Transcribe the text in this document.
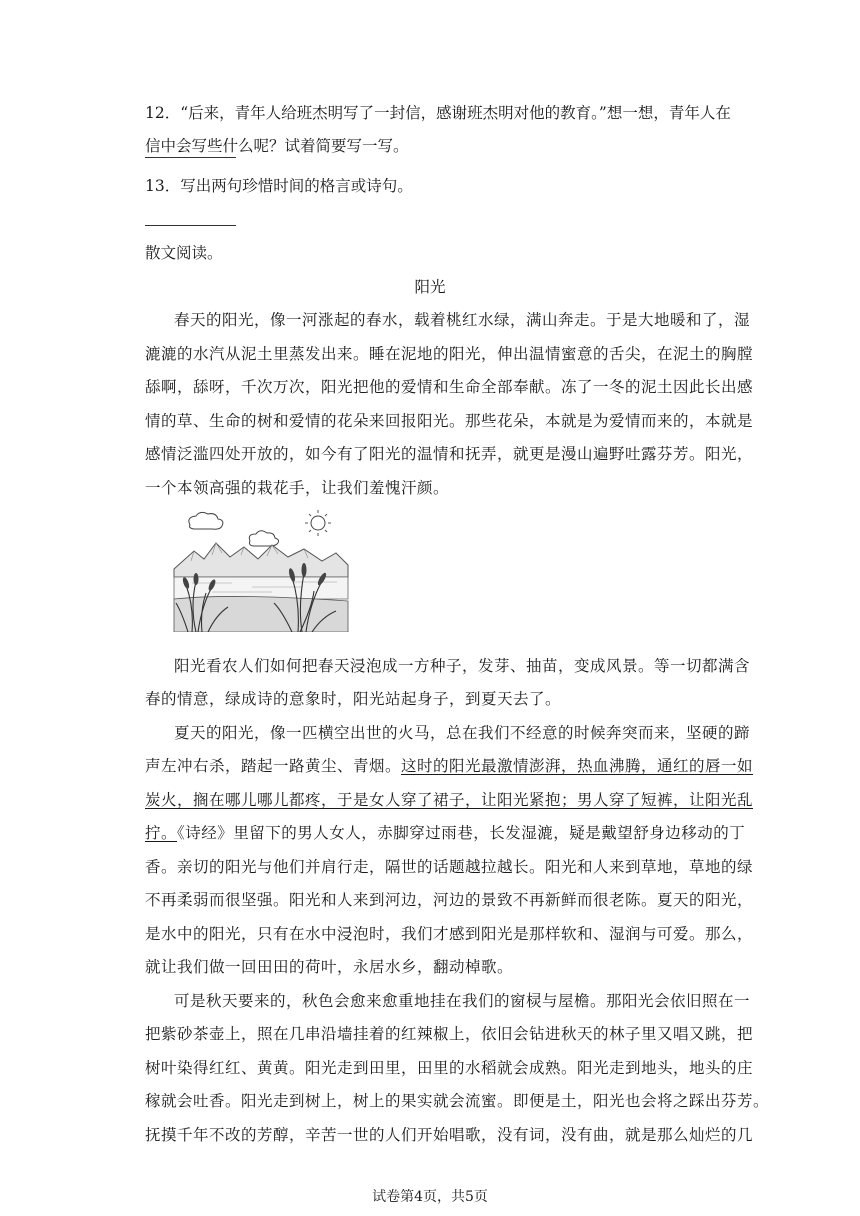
12．“后来，青年人给班杰明写了一封信，感谢班杰明对他的教育。”想一想，青年人在
信中会写些什么呢？试着简要写一写。
13．写出两句珍惜时间的格言或诗句。
散文阅读。
阳光
春天的阳光，像一河涨起的春水，载着桃红水绿，满山奔走。于是大地暖和了，湿
漉漉的水汽从泥土里蒸发出来。睡在泥地的阳光，伸出温情蜜意的舌尖，在泥土的胸膛
舔啊，舔呀，千次万次，阳光把他的爱情和生命全部奉献。冻了一冬的泥土因此长出感
情的草、生命的树和爱情的花朵来回报阳光。那些花朵，本就是为爱情而来的，本就是
感情泛滥四处开放的，如今有了阳光的温情和抚弄，就更是漫山遍野吐露芬芳。阳光，
一个本领高强的栽花手，让我们羞愧汗颜。
阳光看农人们如何把春天浸泡成一方种子，发芽、抽苗，变成风景。等一切都满含
春的情意，绿成诗的意象时，阳光站起身子，到夏天去了。
夏天的阳光，像一匹横空出世的火马，总在我们不经意的时候奔突而来，坚硬的蹄
声左冲右杀，踏起一路黄尘、青烟。这时的阳光最激情澎湃，热血沸腾，通红的唇一如
炭火，搁在哪儿哪儿都疼，于是女人穿了裙子，让阳光紧抱；男人穿了短裤，让阳光乱
拧。《诗经》里留下的男人女人，赤脚穿过雨巷，长发湿漉，疑是戴望舒身边移动的丁
香。亲切的阳光与他们并肩行走，隔世的话题越拉越长。阳光和人来到草地，草地的绿
不再柔弱而很坚强。阳光和人来到河边，河边的景致不再新鲜而很老陈。夏天的阳光，
是水中的阳光，只有在水中浸泡时，我们才感到阳光是那样软和、湿润与可爱。那么，
就让我们做一回田田的荷叶，永居水乡，翻动棹歌。
可是秋天要来的，秋色会愈来愈重地挂在我们的窗棂与屋檐。那阳光会依旧照在一
把紫砂茶壶上，照在几串沿墙挂着的红辣椒上，依旧会钻进秋天的林子里又唱又跳，把
树叶染得红红、黄黄。阳光走到田里，田里的水稻就会成熟。阳光走到地头，地头的庄
稼就会吐香。阳光走到树上，树上的果实就会流蜜。即便是土，阳光也会将之踩出芬芳。
抚摸千年不改的芳醇，辛苦一世的人们开始唱歌，没有词，没有曲，就是那么灿烂的几
试卷第4页，共5页
